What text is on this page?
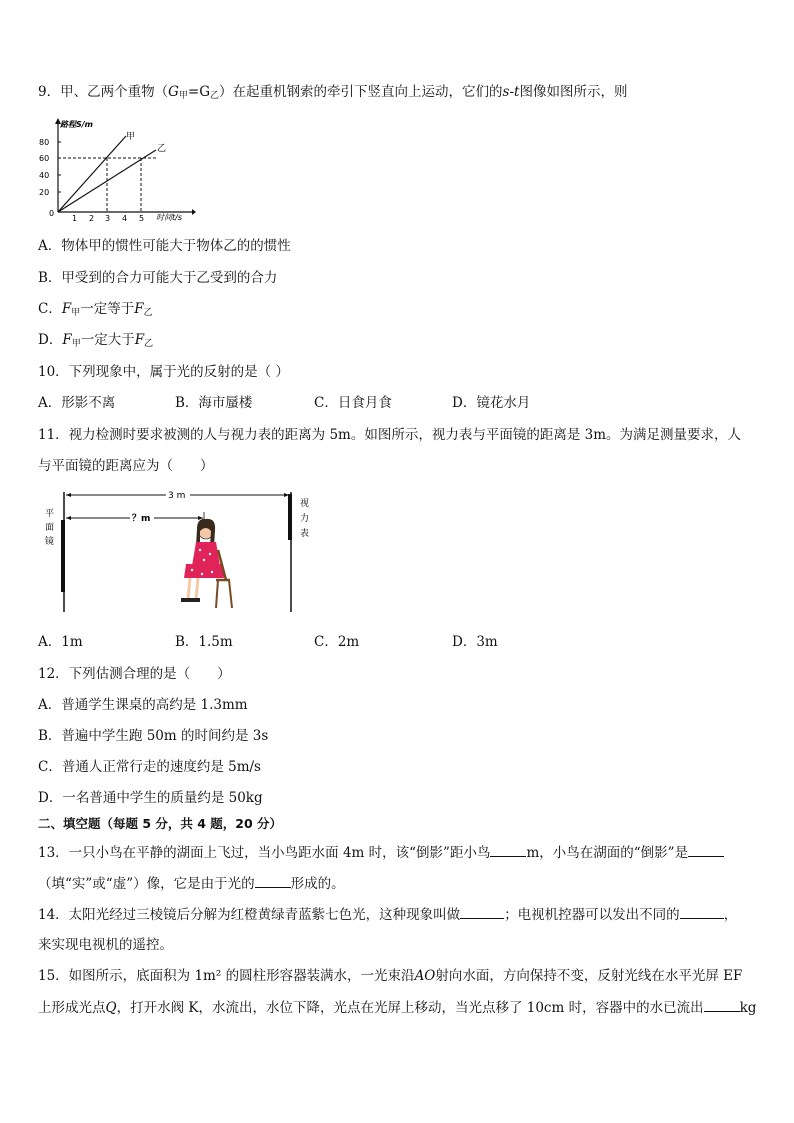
9．甲、乙两个重物$(G_甲=G_乙)$在起重机钢索的牵引下竖直向上运动，它们的s-t图像如图所示，则
路程S/m
80
60
40
20
0
1 2 3 4 5 时间t/s
甲
乙
A．物体甲的惯性可能大于物体乙的的惯性
B．甲受到的合力可能大于乙受到的合力
C．$F_甲$一定等于$F_乙$
D．$F_甲$一定大于$F_乙$
10．下列现象中，属于光的反射的是（ ）
A．形影不离	B．海市蜃楼	C．日食月食	D．镜花水月
11．视力检测时要求被测的人与视力表的距离为 5m。如图所示，视力表与平面镜的距离是 3m。为满足测量要求，人
与平面镜的距离应为（　　）
平
面
镜
视
力
表
3 m
？m
A．1m	B．1.5m	C．2m	D．3m
12．下列估测合理的是（　　）
A．普通学生课桌的高约是 1.3mm
B．普遍中学生跑 50m 的时间约是 3s
C．普通人正常行走的速度约是 5m/s
D．一名普通中学生的质量约是 50kg
二、填空题（每题 5 分，共 4 题，20 分）
13．一只小鸟在平静的湖面上飞过，当小鸟距水面 4m 时，该“倒影”距小鸟	m，小鸟在湖面的“倒影”是
（填“实”或“虚”）像，它是由于光的	形成的。
14．太阳光经过三棱镜后分解为红橙黄绿青蓝紫七色光，这种现象叫做	；电视机控器可以发出不同的	，
来实现电视机的遥控。
15．如图所示，底面积为 1m² 的圆柱形容器装满水，一光束沿AO射向水面，方向保持不变，反射光线在水平光屏 EF
上形成光点Q，打开水阀 K，水流出，水位下降，光点在光屏上移动，当光点移了 10cm 时，容器中的水已流出	kg
